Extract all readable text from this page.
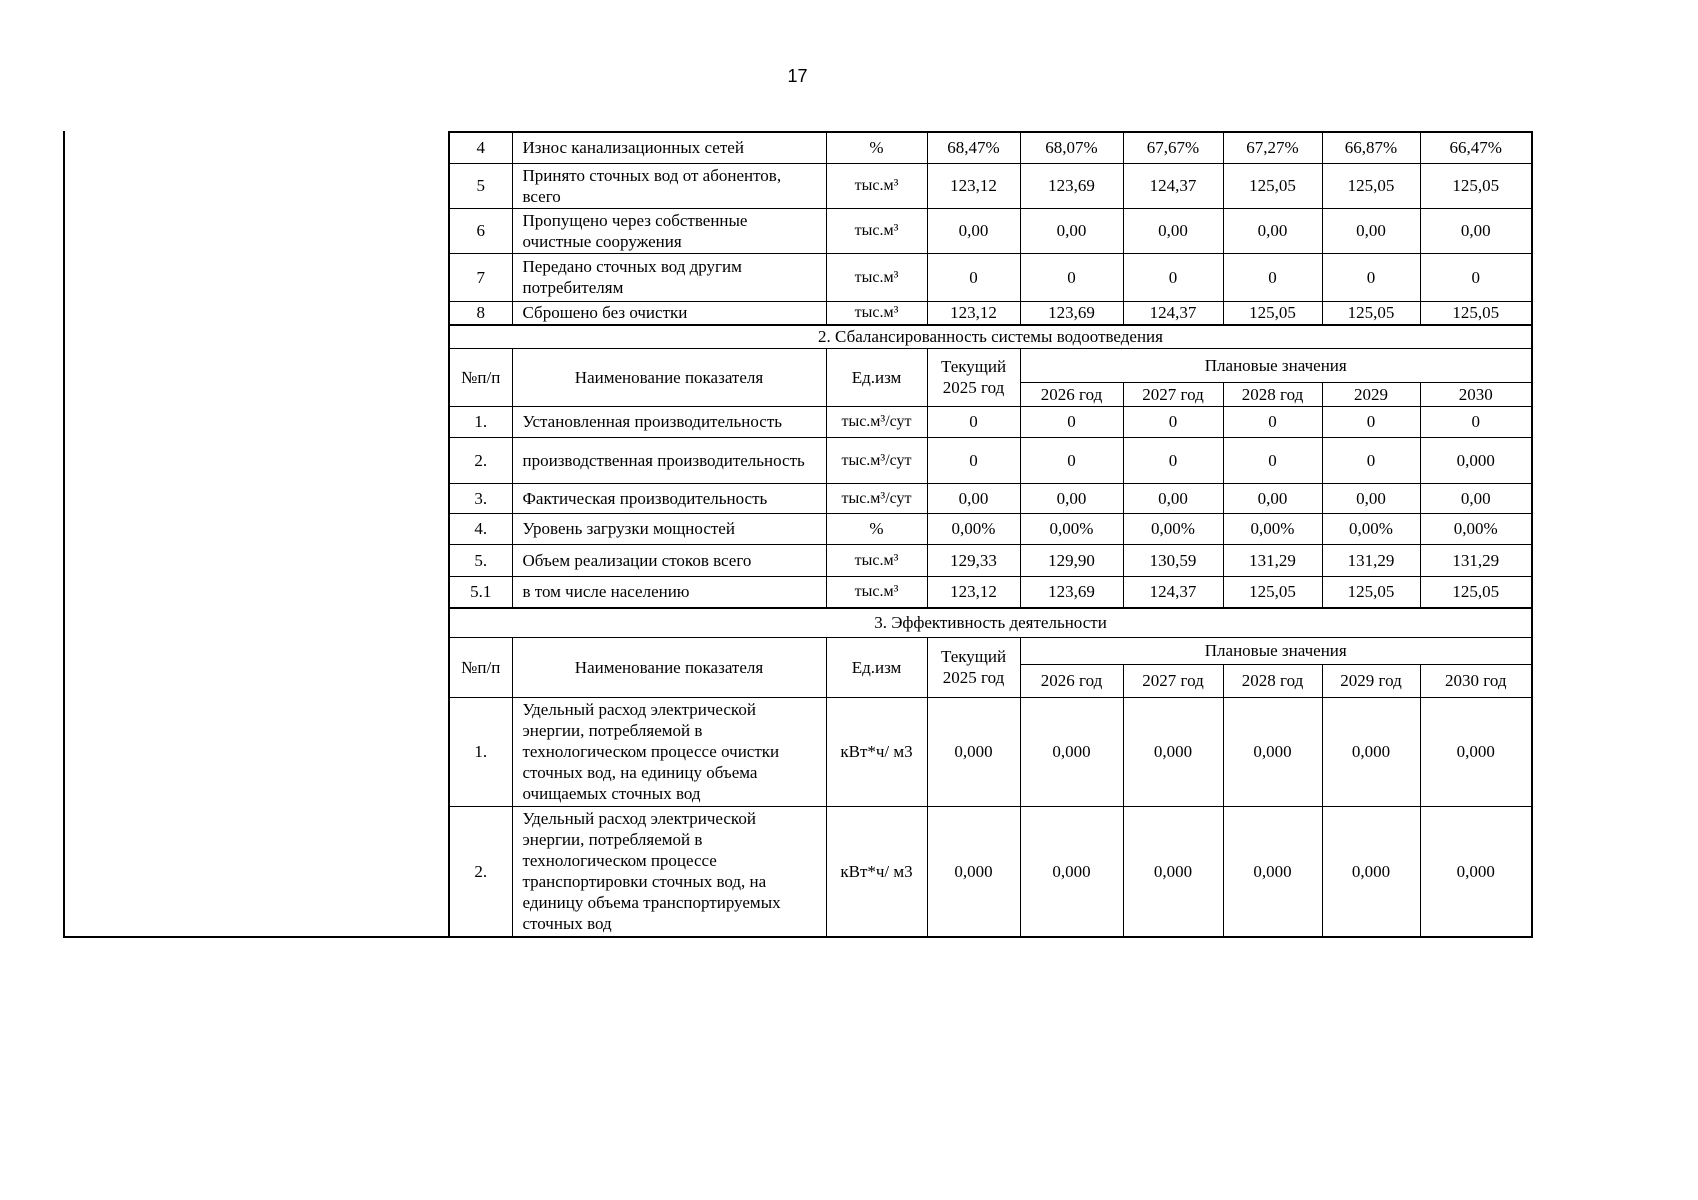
17
4	Износ канализационных сетей	%	68,47%	68,07%	67,67%	67,27%	66,87%	66,47%
5	Принято сточных вод от абонентов, всего	тыс.м³	123,12	123,69	124,37	125,05	125,05	125,05
6	Пропущено через собственные очистные сооружения	тыс.м³	0,00	0,00	0,00	0,00	0,00	0,00
7	Передано сточных вод другим потребителям	тыс.м³	0	0	0	0	0	0
8	Сброшено без очистки	тыс.м³	123,12	123,69	124,37	125,05	125,05	125,05
2. Сбалансированность системы водоотведения								
№п/п	Наименование показателя	Ед.изм	Текущий 2025 год	Плановые значения				
				2026 год	2027 год	2028 год	2029	2030
1.	Установленная производительность	тыс.м³/сут	0	0	0	0	0	0
2.	производственная производительность	тыс.м³/сут	0	0	0	0	0	0,000
3.	Фактическая производительность	тыс.м³/сут	0,00	0,00	0,00	0,00	0,00	0,00
4.	Уровень загрузки мощностей	%	0,00%	0,00%	0,00%	0,00%	0,00%	0,00%
5.	Объем реализации стоков всего	тыс.м³	129,33	129,90	130,59	131,29	131,29	131,29
5.1	в том числе населению	тыс.м³	123,12	123,69	124,37	125,05	125,05	125,05
3. Эффективность деятельности								
№п/п	Наименование показателя	Ед.изм	Текущий 2025 год	Плановые значения				
				2026 год	2027 год	2028 год	2029 год	2030 год
1.	Удельный расход электрической энергии, потребляемой в технологическом процессе очистки сточных вод, на единицу объема очищаемых сточных вод	кВт*ч/ м3	0,000	0,000	0,000	0,000	0,000	0,000
2.	Удельный расход электрической энергии, потребляемой в технологическом процессе транспортировки сточных вод, на единицу объема транспортируемых сточных вод	кВт*ч/ м3	0,000	0,000	0,000	0,000	0,000	0,000
